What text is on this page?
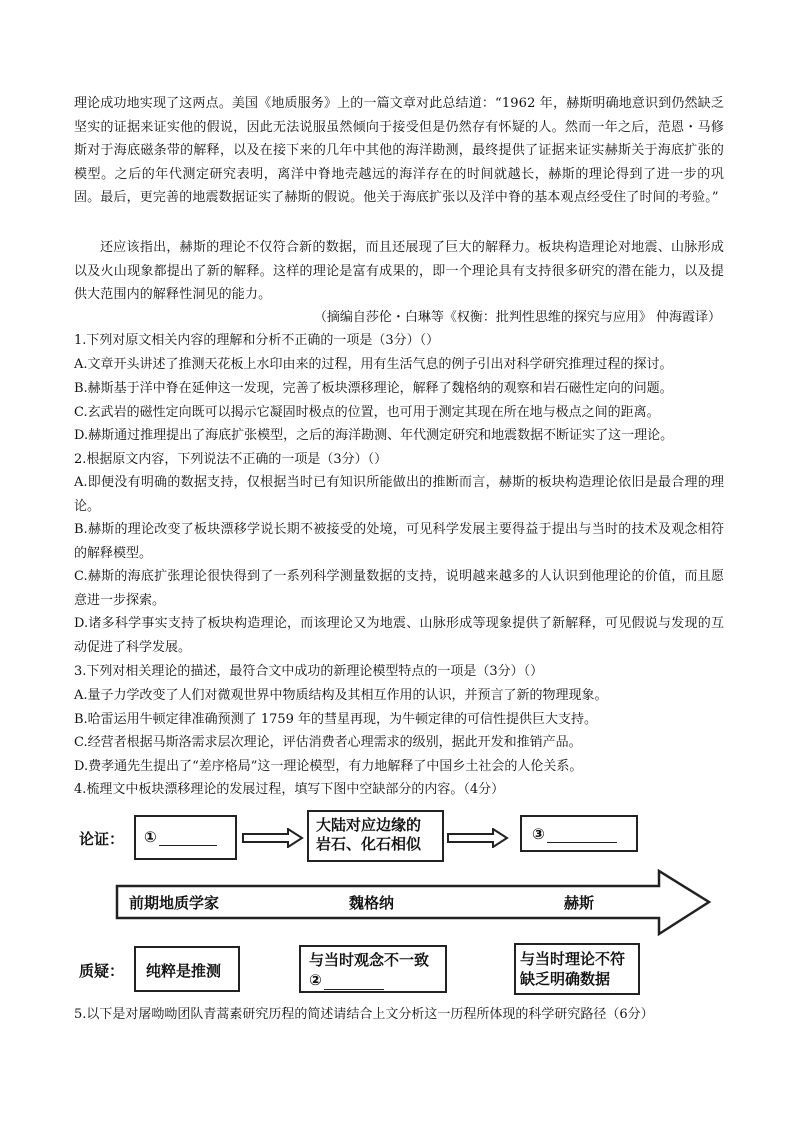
理论成功地实现了这两点。美国《地质服务》上的一篇文章对此总结道：“1962 年，赫斯明确地意识到仍然缺乏坚实的证据来证实他的假说，因此无法说服虽然倾向于接受但是仍然存有怀疑的人。然而一年之后，范恩・马修斯对于海底磁条带的解释，以及在接下来的几年中其他的海洋勘测，最终提供了证据来证实赫斯关于海底扩张的模型。之后的年代测定研究表明，离洋中脊地壳越远的海洋存在的时间就越长，赫斯的理论得到了进一步的巩固。最后，更完善的地震数据证实了赫斯的假说。他关于海底扩张以及洋中脊的基本观点经受住了时间的考验。”
还应该指出，赫斯的理论不仅符合新的数据，而且还展现了巨大的解释力。板块构造理论对地震、山脉形成以及火山现象都提出了新的解释。这样的理论是富有成果的，即一个理论具有支持很多研究的潜在能力，以及提供大范围内的解释性洞见的能力。
（摘编自莎伦・白琳等《权衡：批判性思维的探究与应用》 仲海霞译）
1.下列对原文相关内容的理解和分析不正确的一项是（3分）（）
A.文章开头讲述了推测天花板上水印由来的过程，用有生活气息的例子引出对科学研究推理过程的探讨。
B.赫斯基于洋中脊在延伸这一发现，完善了板块漂移理论，解释了魏格纳的观察和岩石磁性定向的问题。
C.玄武岩的磁性定向既可以揭示它凝固时极点的位置，也可用于测定其现在所在地与极点之间的距离。
D.赫斯通过推理提出了海底扩张模型，之后的海洋勘测、年代测定研究和地震数据不断证实了这一理论。
2.根据原文内容，下列说法不正确的一项是（3分）（）
A.即便没有明确的数据支持，仅根据当时已有知识所能做出的推断而言，赫斯的板块构造理论依旧是最合理的理论。
B.赫斯的理论改变了板块漂移学说长期不被接受的处境，可见科学发展主要得益于提出与当时的技术及观念相符的解释模型。
C.赫斯的海底扩张理论很快得到了一系列科学测量数据的支持，说明越来越多的人认识到他理论的价值，而且愿意进一步探索。
D.诸多科学事实支持了板块构造理论，而该理论又为地震、山脉形成等现象提供了新解释，可见假说与发现的互动促进了科学发展。
3.下列对相关理论的描述，最符合文中成功的新理论模型特点的一项是（3分）（）
A.量子力学改变了人们对微观世界中物质结构及其相互作用的认识，并预言了新的物理现象。
B.哈雷运用牛顿定律准确预测了 1759 年的彗星再现，为牛顿定律的可信性提供巨大支持。
C.经营者根据马斯洛需求层次理论，评估消费者心理需求的级别，据此开发和推销产品。
D.费孝通先生提出了“差序格局”这一理论模型，有力地解释了中国乡土社会的人伦关系。
4.梳理文中板块漂移理论的发展过程，填写下图中空缺部分的内容。（4分）
论证：
质疑：
①
大陆对应边缘的
岩石、化石相似
③
前期地质学家	魏格纳	赫斯
纯粹是推测
与当时观念不一致
②
与当时理论不符
缺乏明确数据
5.以下是对屠呦呦团队青蒿素研究历程的简述请结合上文分析这一历程所体现的科学研究路径（6分）
